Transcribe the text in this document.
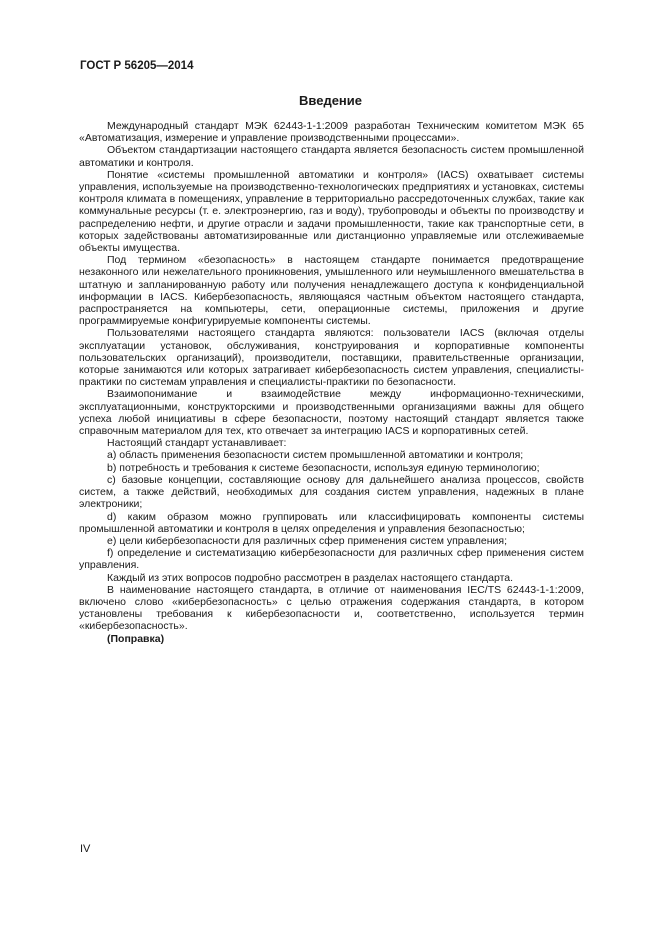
ГОСТ Р 56205—2014
Введение

Международный стандарт МЭК 62443-1-1:2009 разработан Техническим комитетом МЭК 65 «Автоматизация, измерение и управление производственными процессами».

Объектом стандартизации настоящего стандарта является безопасность систем промышленной автоматики и контроля.

Понятие «системы промышленной автоматики и контроля» (IACS) охватывает системы управления, используемые на производственно-технологических предприятиях и установках, системы контроля климата в помещениях, управление в территориально рассредоточенных службах, такие как коммунальные ресурсы (т. е. электроэнергию, газ и воду), трубопроводы и объекты по производству и распределению нефти, и другие отрасли и задачи промышленности, такие как транспортные сети, в которых задействованы автоматизированные или дистанционно управляемые или отслеживаемые объекты имущества.

Под термином «безопасность» в настоящем стандарте понимается предотвращение незаконного или нежелательного проникновения, умышленного или неумышленного вмешательства в штатную и запланированную работу или получения ненадлежащего доступа к конфиденциальной информации в IACS. Кибербезопасность, являющаяся частным объектом настоящего стандарта, распространяется на компьютеры, сети, операционные системы, приложения и другие программируемые конфигурируемые компоненты системы.

Пользователями настоящего стандарта являются: пользователи IACS (включая отделы эксплуатации установок, обслуживания, конструирования и корпоративные компоненты пользовательских организаций), производители, поставщики, правительственные организации, которые занимаются или которых затрагивает кибербезопасность систем управления, специалисты-практики по системам управления и специалисты-практики по безопасности.

Взаимопонимание и взаимодействие между информационно-техническими, эксплуатационными, конструкторскими и производственными организациями важны для общего успеха любой инициативы в сфере безопасности, поэтому настоящий стандарт является также справочным материалом для тех, кто отвечает за интеграцию IACS и корпоративных сетей.

Настоящий стандарт устанавливает:

a) область применения безопасности систем промышленной автоматики и контроля;

b) потребность и требования к системе безопасности, используя единую терминологию;

c) базовые концепции, составляющие основу для дальнейшего анализа процессов, свойств систем, а также действий, необходимых для создания систем управления, надежных в плане электроники;

d) каким образом можно группировать или классифицировать компоненты системы промышленной автоматики и контроля в целях определения и управления безопасностью;

e) цели кибербезопасности для различных сфер применения систем управления;

f) определение и систематизацию кибербезопасности для различных сфер применения систем управления.

Каждый из этих вопросов подробно рассмотрен в разделах настоящего стандарта.

В наименование настоящего стандарта, в отличие от наименования IEC/TS 62443-1-1:2009, включено слово «кибербезопасность» с целью отражения содержания стандарта, в котором установлены требования к кибербезопасности и, соответственно, используется термин «кибербезопасность».

(Поправка)

IV
